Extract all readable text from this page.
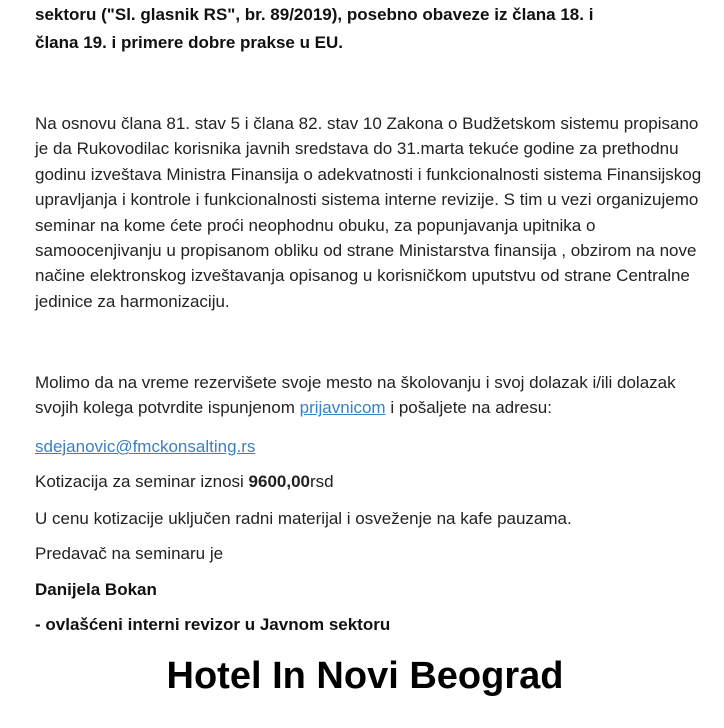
sektoru ("Sl. glasnik RS", br. 89/2019), posebno obaveze iz člana 18. i

člana 19. i primere dobre prakse u EU.

Na osnovu člana 81. stav 5 i člana 82. stav 10 Zakona o Budžetskom sistemu propisano je da Rukovodilac korisnika javnih sredstava do 31.marta tekuće godine za prethodnu godinu izveštava Ministra Finansija o adekvatnosti i funkcionalnosti sistema Finansijskog upravljanja i kontrole i funkcionalnosti sistema interne revizije. S tim u vezi organizujemo seminar na kome ćete proći neophodnu obuku, za popunjavanja upitnika o samoocenjivanju u propisanom obliku od strane Ministarstva finansija , obzirom na nove načine elektronskog izveštavanja opisanog u korisničkom uputstvu od strane Centralne jedinice za harmonizaciju.

Molimo da na vreme rezervišete svoje mesto na školovanju i svoj dolazak i/ili dolazak svojih kolega potvrdite ispunjenom prijavnicom i pošaljete na adresu:

sdejanovic@fmckonsalting.rs

Kotizacija za seminar iznosi 9600,00rsd

U cenu kotizacije uključen radni materijal i osveženje na kafe pauzama.

Predavač na seminaru je

Danijela Bokan

- ovlašćeni interni revizor u Javnom sektoru

Hotel In Novi Beograd
